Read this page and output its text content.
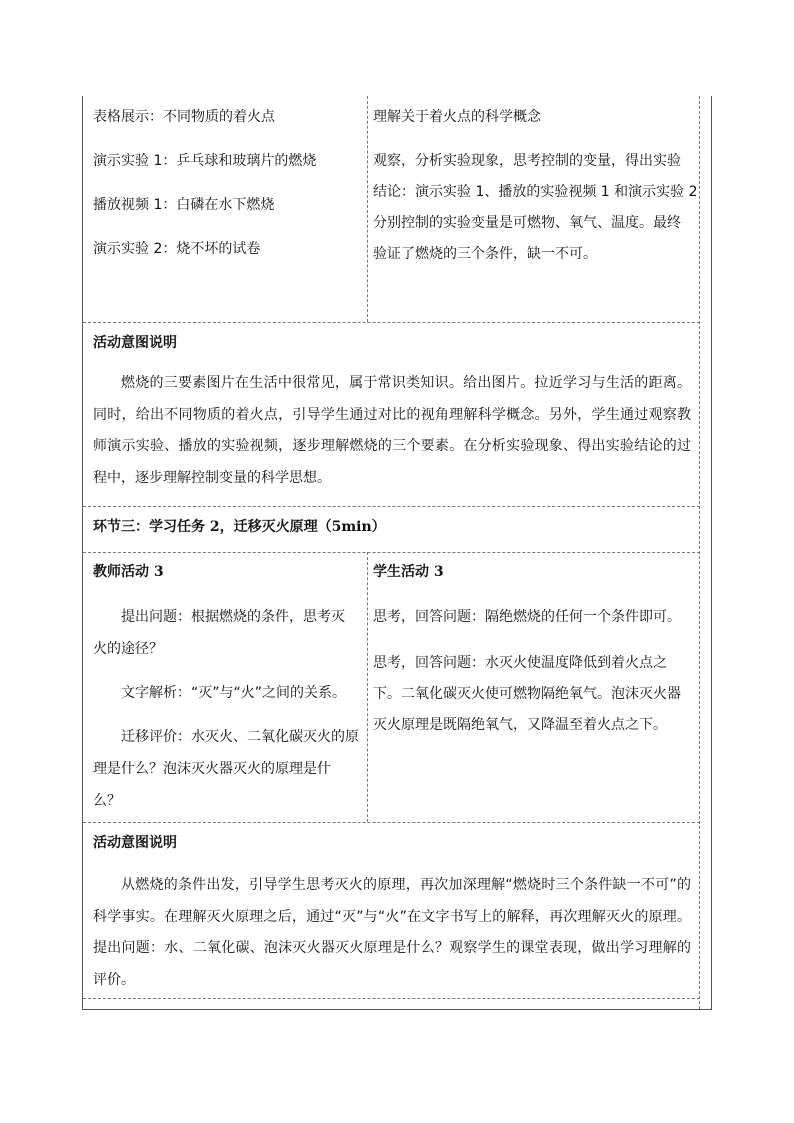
表格展示：不同物质的着火点
演示实验 1：乒乓球和玻璃片的燃烧
播放视频 1：白磷在水下燃烧
演示实验 2：烧不坏的试卷
理解关于着火点的科学概念
观察，分析实验现象，思考控制的变量，得出实验
结论：演示实验 1、播放的实验视频 1 和演示实验 2
分别控制的实验变量是可燃物、氧气、温度。最终
验证了燃烧的三个条件，缺一不可。
活动意图说明
燃烧的三要素图片在生活中很常见，属于常识类知识。给出图片。拉近学习与生活的距离。同时，给出不同物质的着火点，引导学生通过对比的视角理解科学概念。另外，学生通过观察教师演示实验、播放的实验视频，逐步理解燃烧的三个要素。在分析实验现象、得出实验结论的过程中，逐步理解控制变量的科学思想。
环节三：学习任务 2，迁移灭火原理（5min）
教师活动 3
提出问题：根据燃烧的条件，思考灭
火的途径？
文字解析：“灭”与“火”之间的关系。
迁移评价：水灭火、二氧化碳灭火的原
理是什么？泡沫灭火器灭火的原理是什
么？
学生活动 3
思考，回答问题：隔绝燃烧的任何一个条件即可。
思考，回答问题：水灭火使温度降低到着火点之
下。二氧化碳灭火使可燃物隔绝氧气。泡沫灭火器
灭火原理是既隔绝氧气，又降温至着火点之下。
活动意图说明
从燃烧的条件出发，引导学生思考灭火的原理，再次加深理解“燃烧时三个条件缺一不可”的科学事实。在理解灭火原理之后，通过“灭”与“火”在文字书写上的解释，再次理解灭火的原理。提出问题：水、二氧化碳、泡沫灭火器灭火原理是什么？观察学生的课堂表现，做出学习理解的评价。
